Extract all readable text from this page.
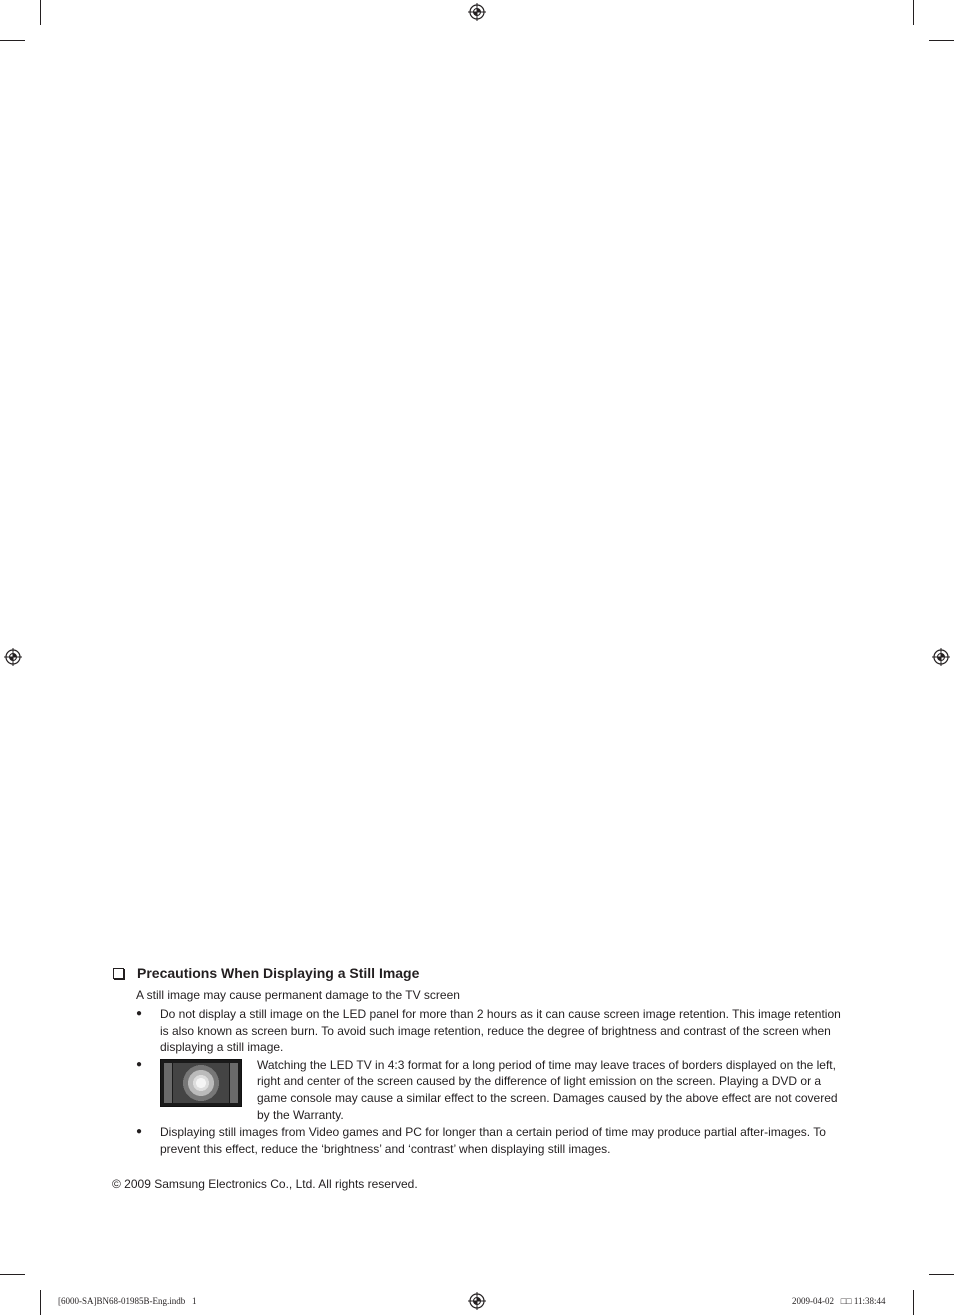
Precautions When Displaying a Still Image
A still image may cause permanent damage to the TV screen
● Do not display a still image on the LED panel for more than 2 hours as it can cause screen image retention. This image retention is also known as screen burn. To avoid such image retention, reduce the degree of brightness and contrast of the screen when displaying a still image.
●	Watching the LED TV in 4:3 format for a long period of time may leave traces of borders displayed on the left, right and center of the screen caused by the difference of light emission on the screen. Playing a DVD or a game console may cause a similar effect to the screen. Damages caused by the above effect are not covered by the Warranty.
● Displaying still images from Video games and PC for longer than a certain period of time may produce partial after-images. To prevent this effect, reduce the ‘brightness’ and ‘contrast’ when displaying still images.
© 2009 Samsung Electronics Co., Ltd. All rights reserved.
[6000-SA]BN68-01985B-Eng.indb   1	2009-04-02   □□ 11:38:44
